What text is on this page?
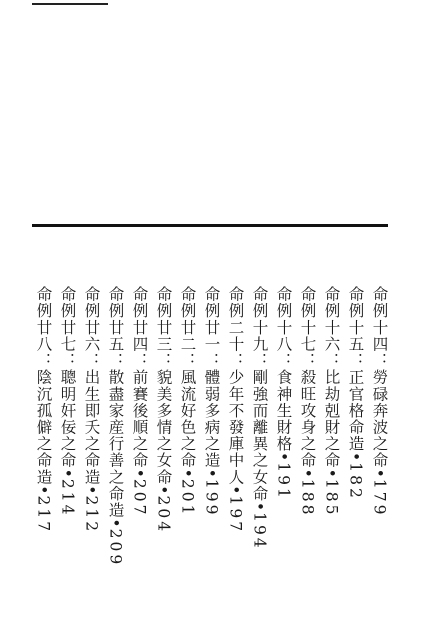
命例十四：勞碌奔波之命•179
命例十五：正官格命造•182
命例十六：比劫剋財之命•185
命例十七：殺旺攻身之命•188
命例十八：食神生財格•191
命例十九：剛強而離異之女命•194
命例二十：少年不發庫中人•197
命例廿一：體弱多病之造•199
命例廿二：風流好色之命•201
命例廿三：貌美多情之女命•204
命例廿四：前賽後順之命•207
命例廿五：散盡家産行善之命造•209
命例廿六：出生即夭之命造•212
命例廿七：聰明奸佞之命•214
命例廿八：陰沉孤僻之命造•217
